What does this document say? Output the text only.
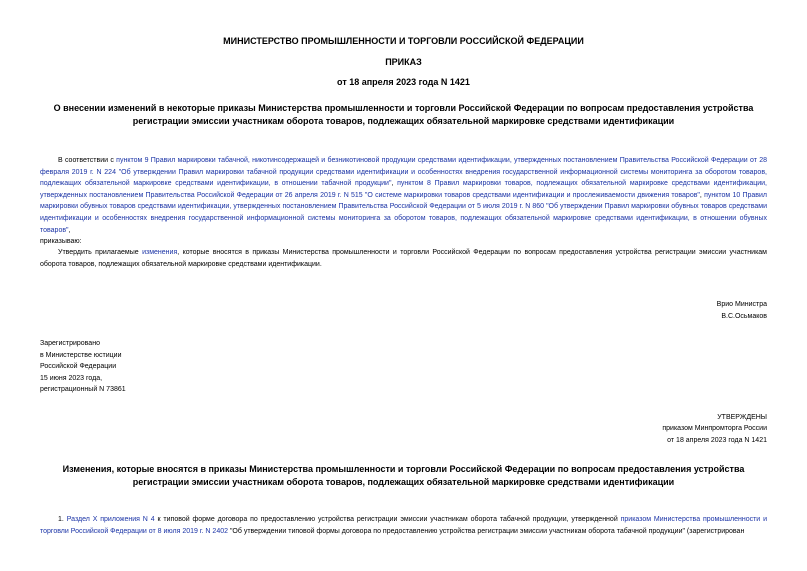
МИНИСТЕРСТВО ПРОМЫШЛЕННОСТИ И ТОРГОВЛИ РОССИЙСКОЙ ФЕДЕРАЦИИ
ПРИКАЗ
от 18 апреля 2023 года N 1421
О внесении изменений в некоторые приказы Министерства промышленности и торговли Российской Федерации по вопросам предоставления устройства регистрации эмиссии участникам оборота товаров, подлежащих обязательной маркировке средствами идентификации

В соответствии с пунктом 9 Правил маркировки табачной, никотинсодержащей и безникотиновой продукции средствами идентификации, утвержденных постановлением Правительства Российской Федерации от 28 февраля 2019 г. N 224 "Об утверждении Правил маркировки табачной продукции средствами идентификации и особенностях внедрения государственной информационной системы мониторинга за оборотом товаров, подлежащих обязательной маркировке средствами идентификации, в отношении табачной продукции", пунктом 8 Правил маркировки товаров, подлежащих обязательной маркировке средствами идентификации, утвержденных постановлением Правительства Российской Федерации от 26 апреля 2019 г. N 515 "О системе маркировки товаров средствами идентификации и прослеживаемости движения товаров", пунктом 10 Правил маркировки обувных товаров средствами идентификации, утвержденных постановлением Правительства Российской Федерации от 5 июля 2019 г. N 860 "Об утверждении Правил маркировки обувных товаров средствами идентификации и особенностях внедрения государственной информационной системы мониторинга за оборотом товаров, подлежащих обязательной маркировке средствами идентификации, в отношении обувных товаров",

приказываю:

Утвердить прилагаемые изменения, которые вносятся в приказы Министерства промышленности и торговли Российской Федерации по вопросам предоставления устройства регистрации эмиссии участникам оборота товаров, подлежащих обязательной маркировке средствами идентификации.

Врио Министра
В.С.Осьмаков
Зарегистрировано
в Министерстве юстиции
Российской Федерации
15 июня 2023 года,
регистрационный N 73861
УТВЕРЖДЕНЫ
приказом Минпромторга России
от 18 апреля 2023 года N 1421
Изменения, которые вносятся в приказы Министерства промышленности и торговли Российской Федерации по вопросам предоставления устройства регистрации эмиссии участникам оборота товаров, подлежащих обязательной маркировке средствами идентификации

1. Раздел X приложения N 4 к типовой форме договора по предоставлению устройства регистрации эмиссии участникам оборота табачной продукции, утвержденной приказом Министерства промышленности и торговли Российской Федерации от 8 июля 2019 г. N 2402 "Об утверждении типовой формы договора по предоставлению устройства регистрации эмиссии участникам оборота табачной продукции" (зарегистрирован
